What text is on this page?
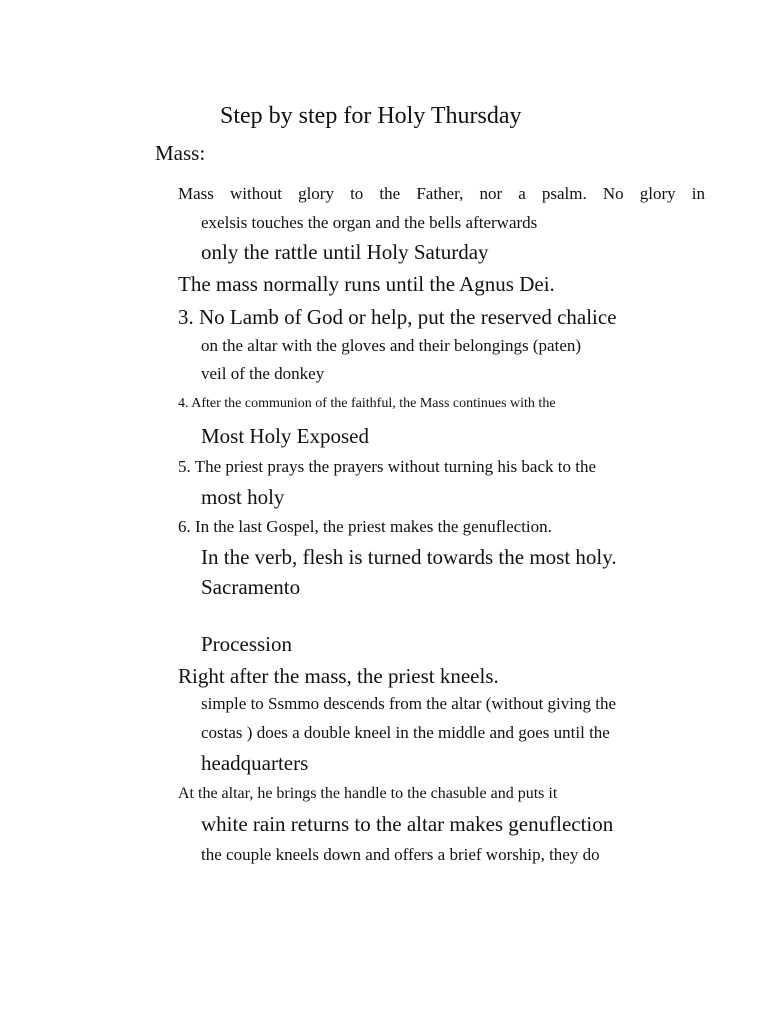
Step by step for Holy Thursday
Mass:
Mass without glory to the Father, nor a psalm. No glory in
exelsis touches the organ and the bells afterwards
only the rattle until Holy Saturday
The mass normally runs until the Agnus Dei.
3. No Lamb of God or help, put the reserved chalice
on the altar with the gloves and their belongings (paten)
veil of the donkey
4. After the communion of the faithful, the Mass continues with the
Most Holy Exposed
5. The priest prays the prayers without turning his back to the
most holy
6. In the last Gospel, the priest makes the genuflection.
In the verb, flesh is turned towards the most holy.
Sacramento
Procession
Right after the mass, the priest kneels.
simple to Ssmmo descends from the altar (without giving the
costas ) does a double kneel in the middle and goes until the
headquarters
At the altar, he brings the handle to the chasuble and puts it
white rain returns to the altar makes genuflection
the couple kneels down and offers a brief worship, they do
